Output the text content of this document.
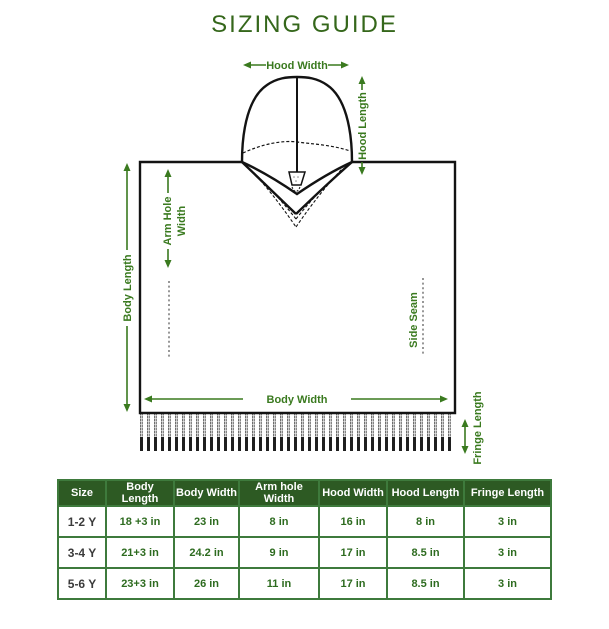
SIZING GUIDE
Hood Width
Hood Length
Body Length
Arm Hole Width
Side Seam
Body Width	Fringe Length
Size	Body Length	Body Width	Arm hole Width	Hood Width	Hood Length	Fringe Length
1-2 Y	18 +3 in	23 in	8 in	16 in	8 in	3 in
3-4 Y	21+3 in	24.2 in	9 in	17 in	8.5 in	3 in
5-6 Y	23+3 in	26 in	11 in	17 in	8.5 in	3 in
